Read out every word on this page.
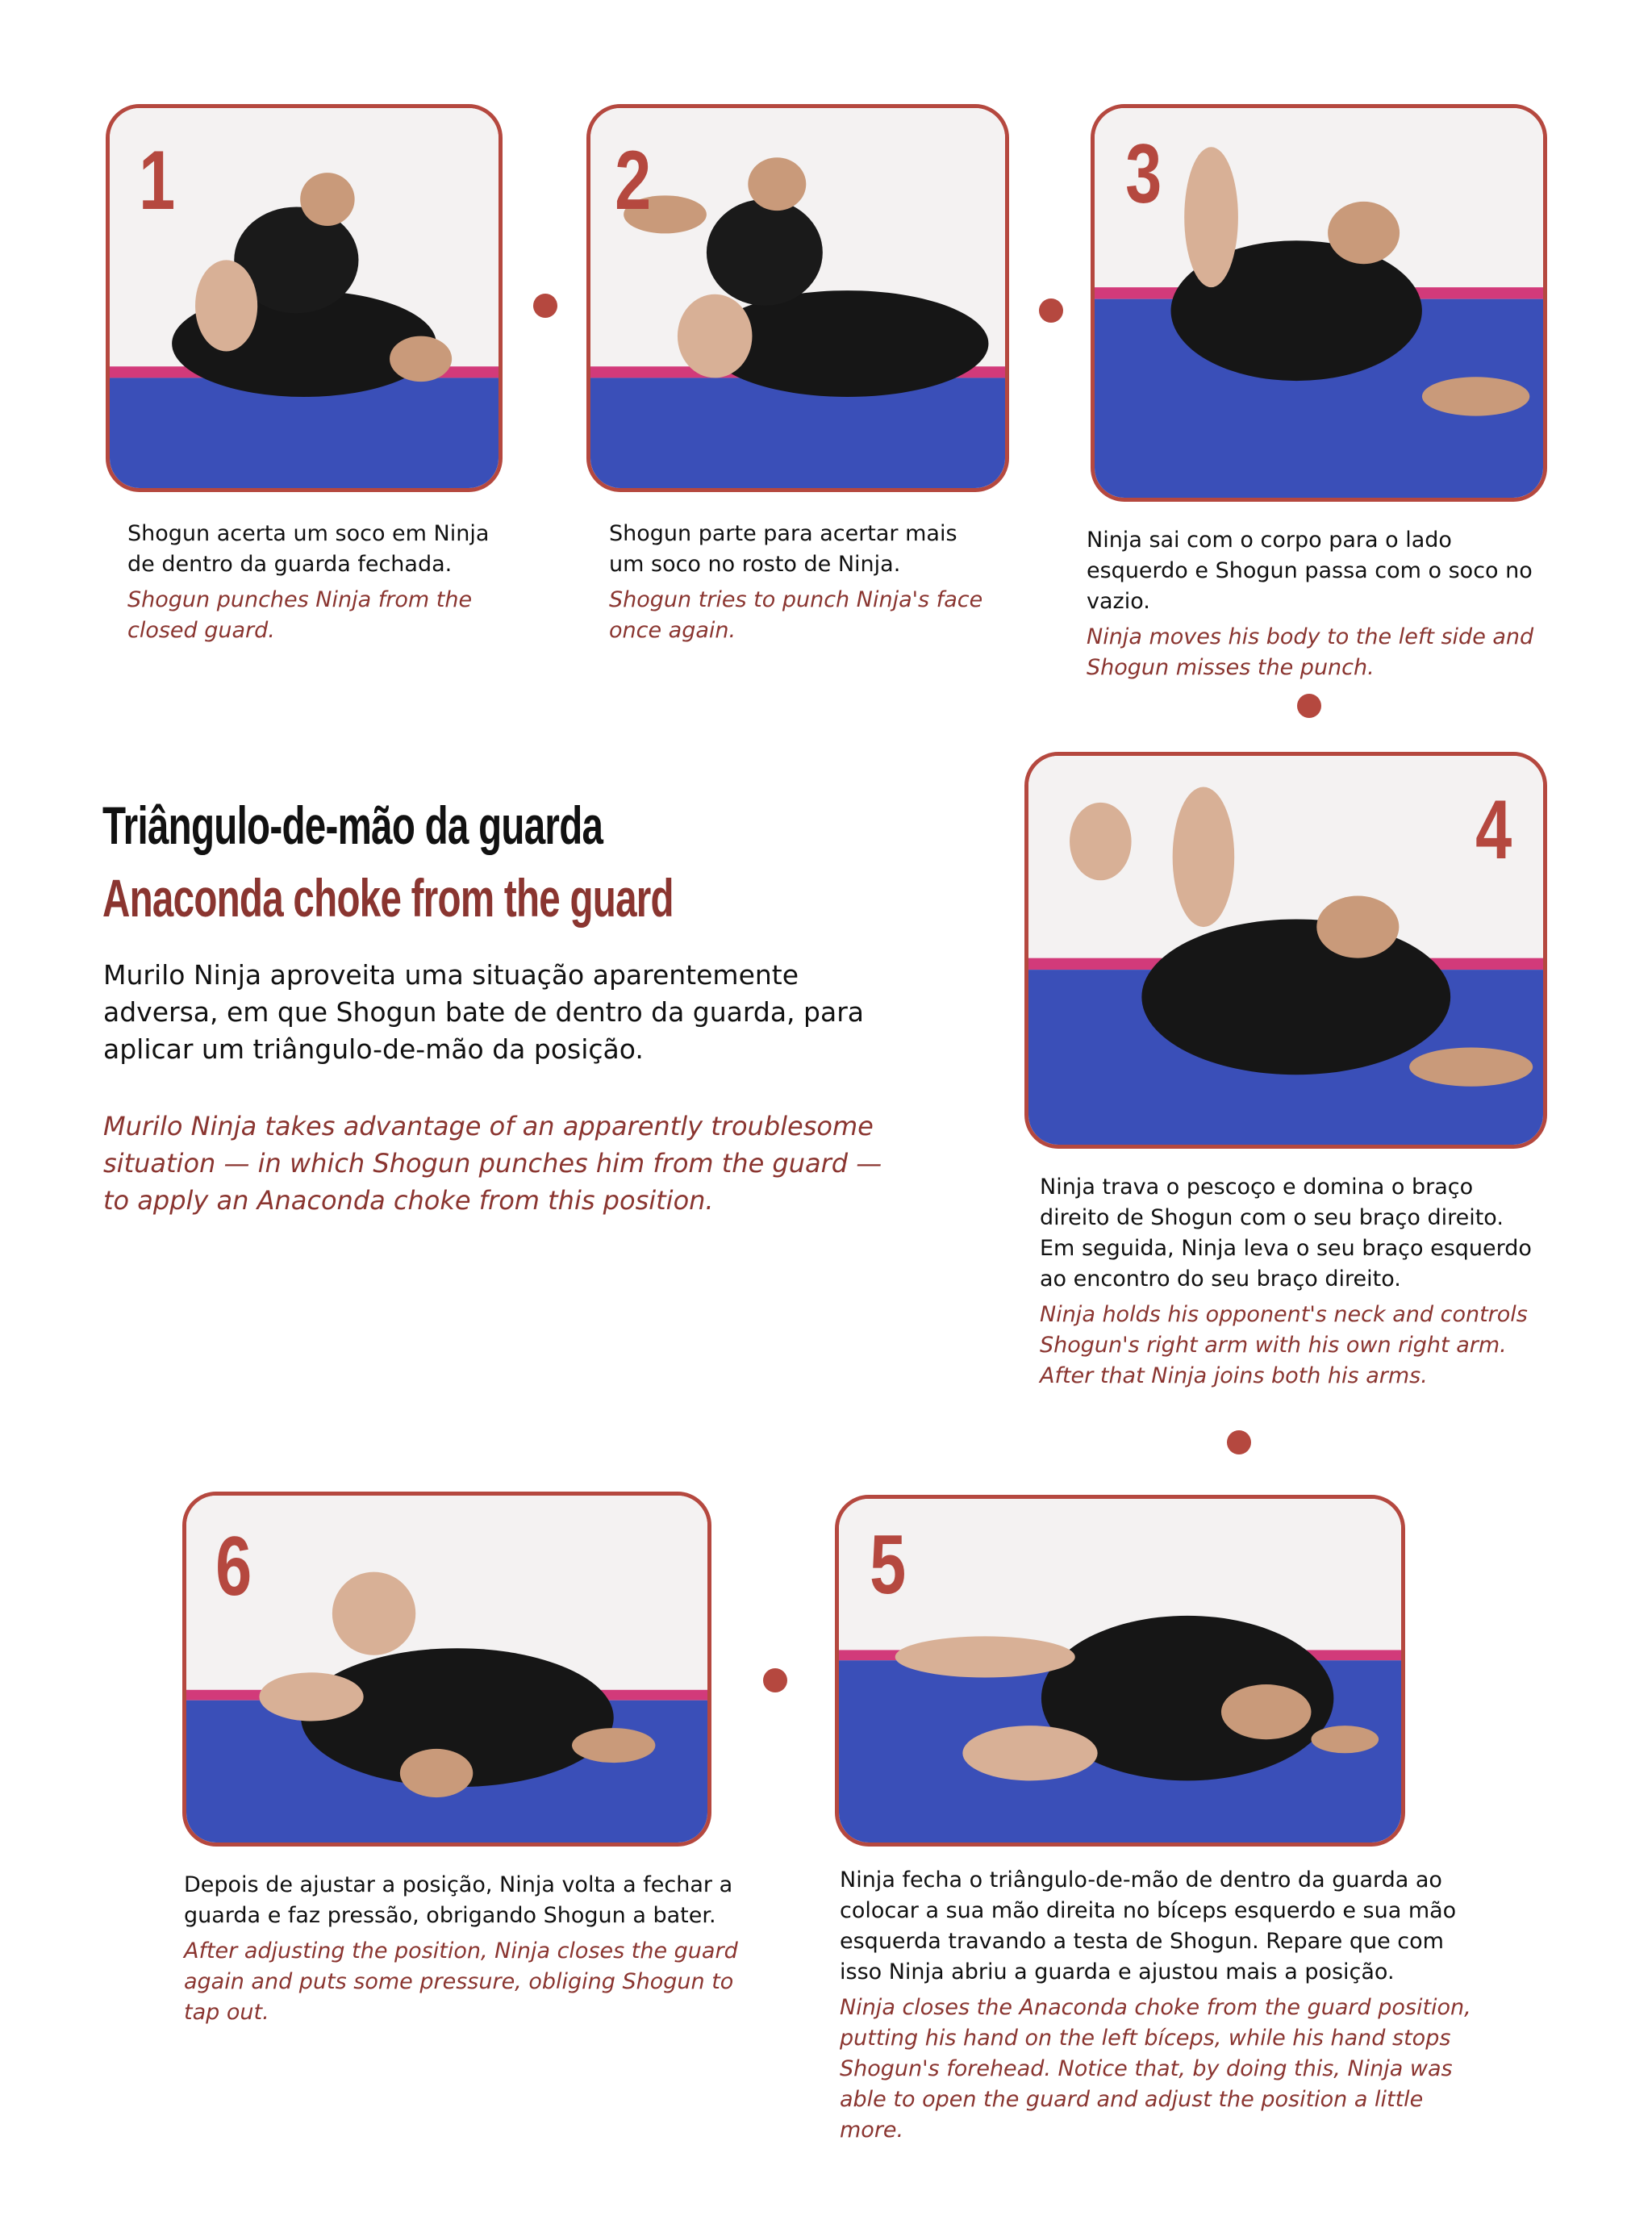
1	2	3
4
6	5

Shogun acerta um soco em Ninja de dentro da guarda fechada.

Shogun punches Ninja from the closed guard.

Shogun parte para acertar mais um soco no rosto de Ninja.

Shogun tries to punch Ninja's face once again.

Ninja sai com o corpo para o lado esquerdo e Shogun passa com o soco no vazio.

Ninja moves his body to the left side and Shogun misses the punch.

Ninja trava o pescoço e domina o braço direito de Shogun com o seu braço direito. Em seguida, Ninja leva o seu braço esquerdo ao encontro do seu braço direito.

Ninja holds his opponent's neck and controls Shogun's right arm with his own right arm. After that Ninja joins both his arms.

Depois de ajustar a posição, Ninja volta a fechar a guarda e faz pressão, obrigando Shogun a bater.

After adjusting the position, Ninja closes the guard again and puts some pressure, obliging Shogun to tap out.

Ninja fecha o triângulo-de-mão de dentro da guarda ao colocar a sua mão direita no bíceps esquerdo e sua mão esquerda travando a testa de Shogun. Repare que com isso Ninja abriu a guarda e ajustou mais a posição.

Ninja closes the Anaconda choke from the guard position, putting his hand on the left bíceps, while his hand stops Shogun's forehead. Notice that, by doing this, Ninja was able to open the guard and adjust the position a little more.

Triângulo-de-mão da guarda
Anaconda choke from the guard

Murilo Ninja aproveita uma situação aparentemente adversa, em que Shogun bate de dentro da guarda, para aplicar um triângulo-de-mão da posição.

Murilo Ninja takes advantage of an apparently troublesome situation — in which Shogun punches him from the guard — to apply an Anaconda choke from this position.
